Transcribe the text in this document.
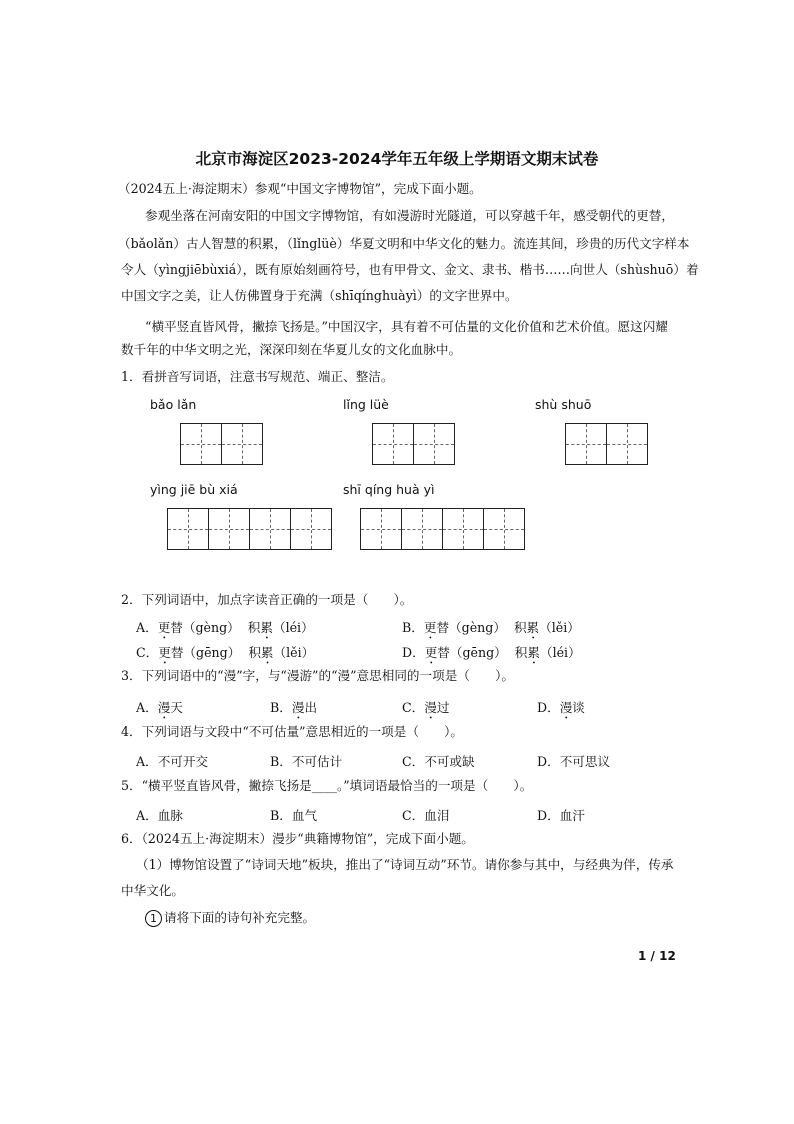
北京市海淀区2023-2024学年五年级上学期语文期末试卷
（2024五上·海淀期末）参观“中国文字博物馆”，完成下面小题。
参观坐落在河南安阳的中国文字博物馆，有如漫游时光隧道，可以穿越千年，感受朝代的更替，
（bǎolǎn）古人智慧的积累，（lǐnglüè）华夏文明和中华文化的魅力。流连其间，珍贵的历代文字样本
令人（yìngjiēbùxiá），既有原始刻画符号，也有甲骨文、金文、隶书、楷书……向世人（shùshuō）着
中国文字之美，让人仿佛置身于充满（shīqínghuàyì）的文字世界中。
“横平竖直皆风骨，撇捺飞扬是。”中国汉字，具有着不可估量的文化价值和艺术价值。愿这闪耀
数千年的中华文明之光，深深印刻在华夏儿女的文化血脉中。
1．看拼音写词语，注意书写规范、端正、整洁。
bǎo lǎn	lǐng lüè	shù shuō
yìng jiē bù xiá	shī qíng huà yì
2．下列词语中，加点字读音正确的一项是（　　）。
A．更替（gèng） 积累（léi）	B．更替（gèng） 积累（lěi）
C．更替（gēng） 积累（lěi）	D．更替（gēng） 积累（léi）
3．下列词语中的“漫”字，与“漫游”的“漫”意思相同的一项是（　　）。
A．漫天	B．漫出	C．漫过	D．漫谈
4．下列词语与文段中“不可估量”意思相近的一项是（　　）。
A．不可开交	B．不可估计	C．不可或缺	D．不可思议
5．“横平竖直皆风骨，撇捺飞扬是____。”填词语最恰当的一项是（　　）。
A．血脉	B．血气	C．血泪	D．血汗
6．（2024五上·海淀期末）漫步“典籍博物馆”，完成下面小题。
（1）博物馆设置了“诗词天地”板块，推出了“诗词互动”环节。请你参与其中，与经典为伴，传承
中华文化。
1 请将下面的诗句补充完整。
1 / 12
